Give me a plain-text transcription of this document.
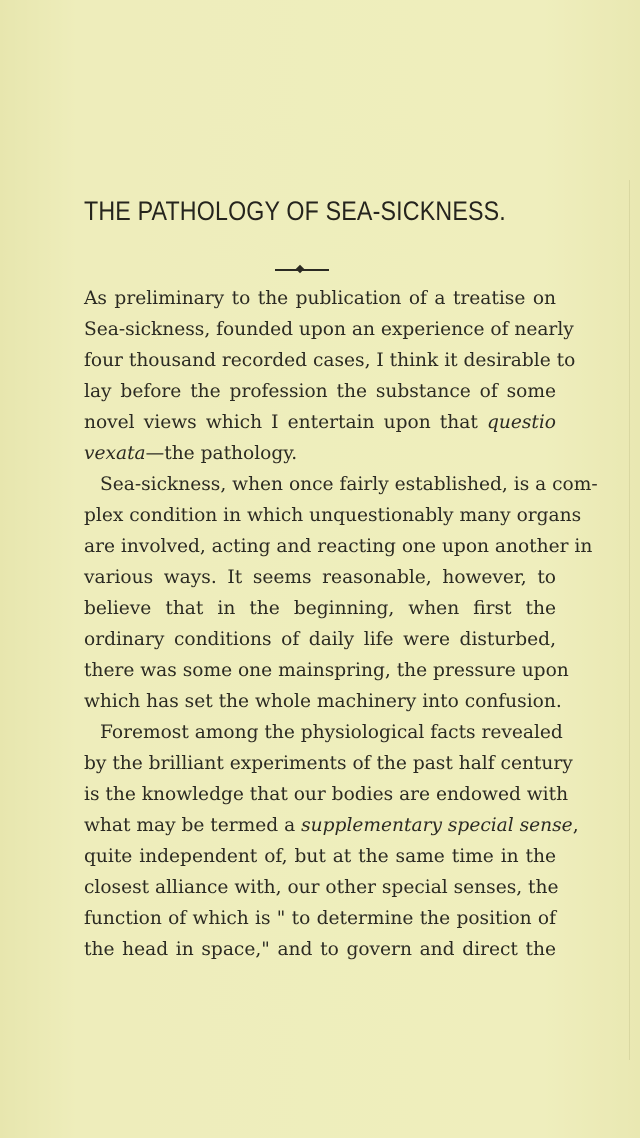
THE PATHOLOGY OF SEA-SICKNESS.
As preliminary to the publication of a treatise on
Sea-sickness, founded upon an experience of nearly
four thousand recorded cases, I think it desirable to
lay before the profession the substance of some
novel views which I entertain upon that questio
vexata—the pathology.
Sea-sickness, when once fairly established, is a com-
plex condition in which unquestionably many organs
are involved, acting and reacting one upon another in
various ways. It seems reasonable, however, to
believe that in the beginning, when first the
ordinary conditions of daily life were disturbed,
there was some one mainspring, the pressure upon
which has set the whole machinery into confusion.
Foremost among the physiological facts revealed
by the brilliant experiments of the past half century
is the knowledge that our bodies are endowed with
what may be termed a supplementary special sense,
quite independent of, but at the same time in the
closest alliance with, our other special senses, the
function of which is " to determine the position of
the head in space," and to govern and direct the
